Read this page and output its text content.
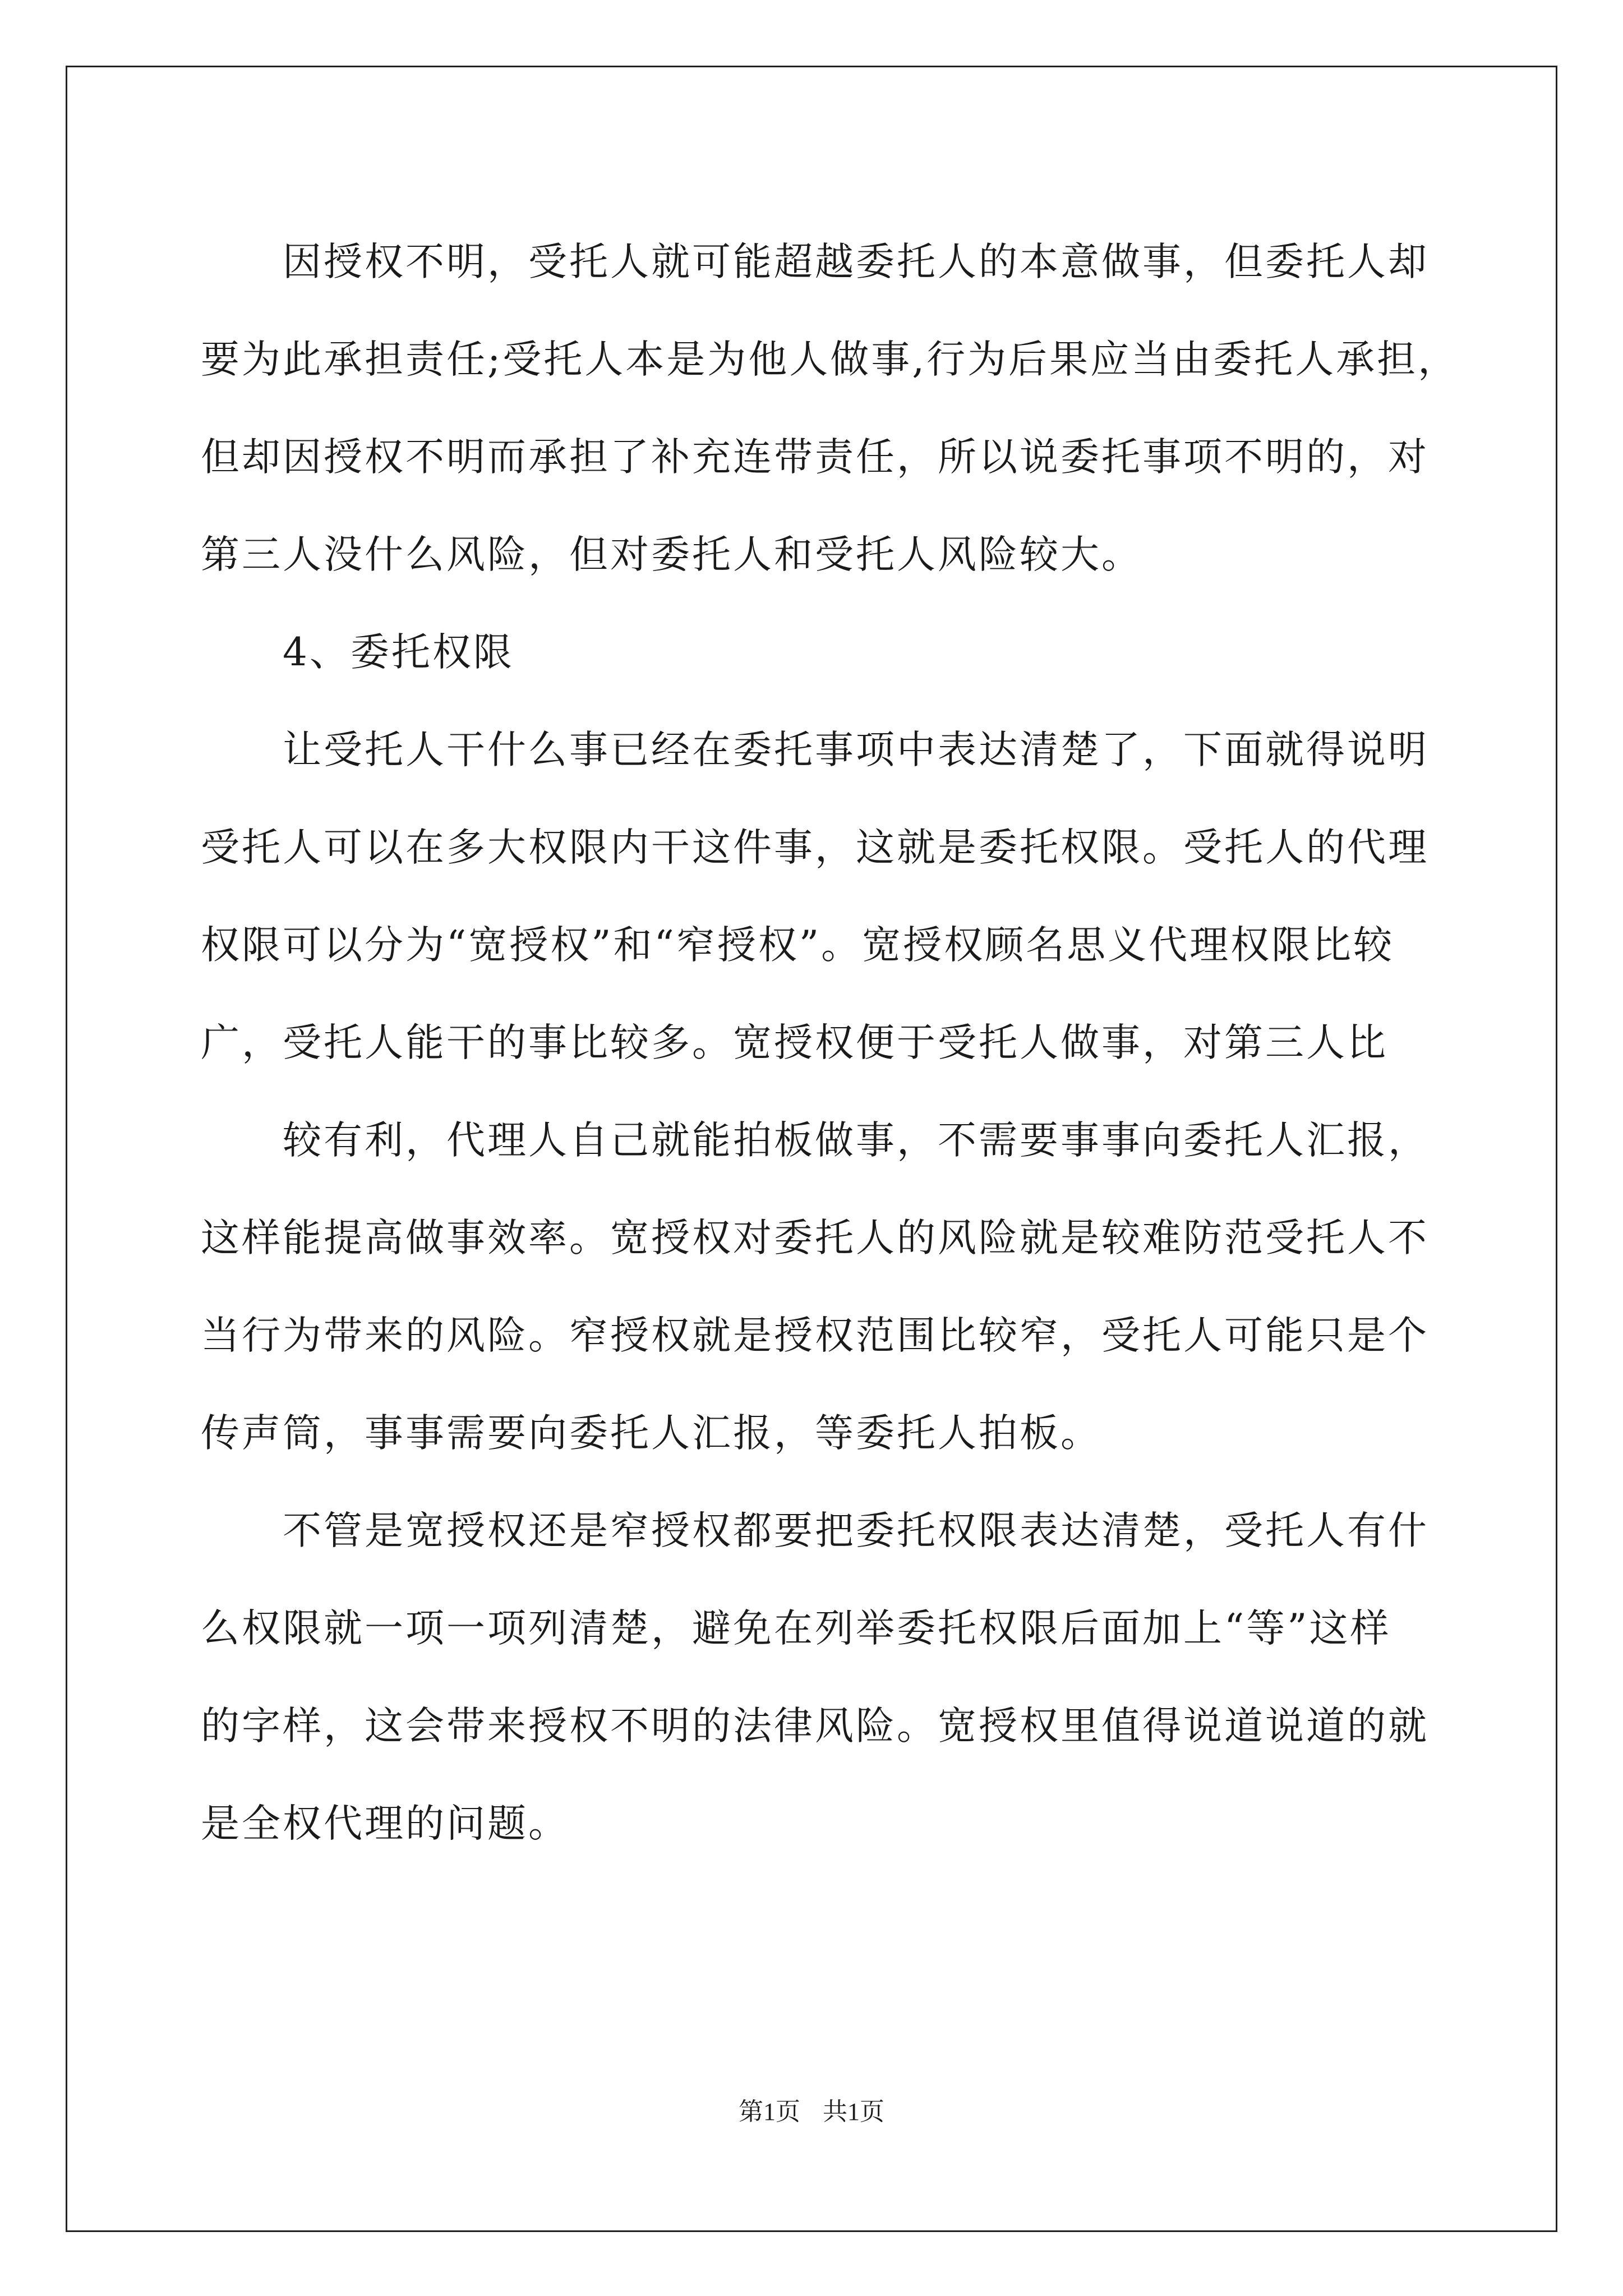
因授权不明，受托人就可能超越委托人的本意做事，但委托人却
要为此承担责任;受托人本是为他人做事,行为后果应当由委托人承担，
但却因授权不明而承担了补充连带责任，所以说委托事项不明的，对
第三人没什么风险，但对委托人和受托人风险较大。
4、委托权限
让受托人干什么事已经在委托事项中表达清楚了，下面就得说明
受托人可以在多大权限内干这件事，这就是委托权限。受托人的代理
权限可以分为“宽授权”和“窄授权”。宽授权顾名思义代理权限比较
广，受托人能干的事比较多。宽授权便于受托人做事，对第三人比
较有利，代理人自己就能拍板做事，不需要事事向委托人汇报，
这样能提高做事效率。宽授权对委托人的风险就是较难防范受托人不
当行为带来的风险。窄授权就是授权范围比较窄，受托人可能只是个
传声筒，事事需要向委托人汇报，等委托人拍板。
不管是宽授权还是窄授权都要把委托权限表达清楚，受托人有什
么权限就一项一项列清楚，避免在列举委托权限后面加上“等”这样
的字样，这会带来授权不明的法律风险。宽授权里值得说道说道的就
是全权代理的问题。
第1页 共1页
